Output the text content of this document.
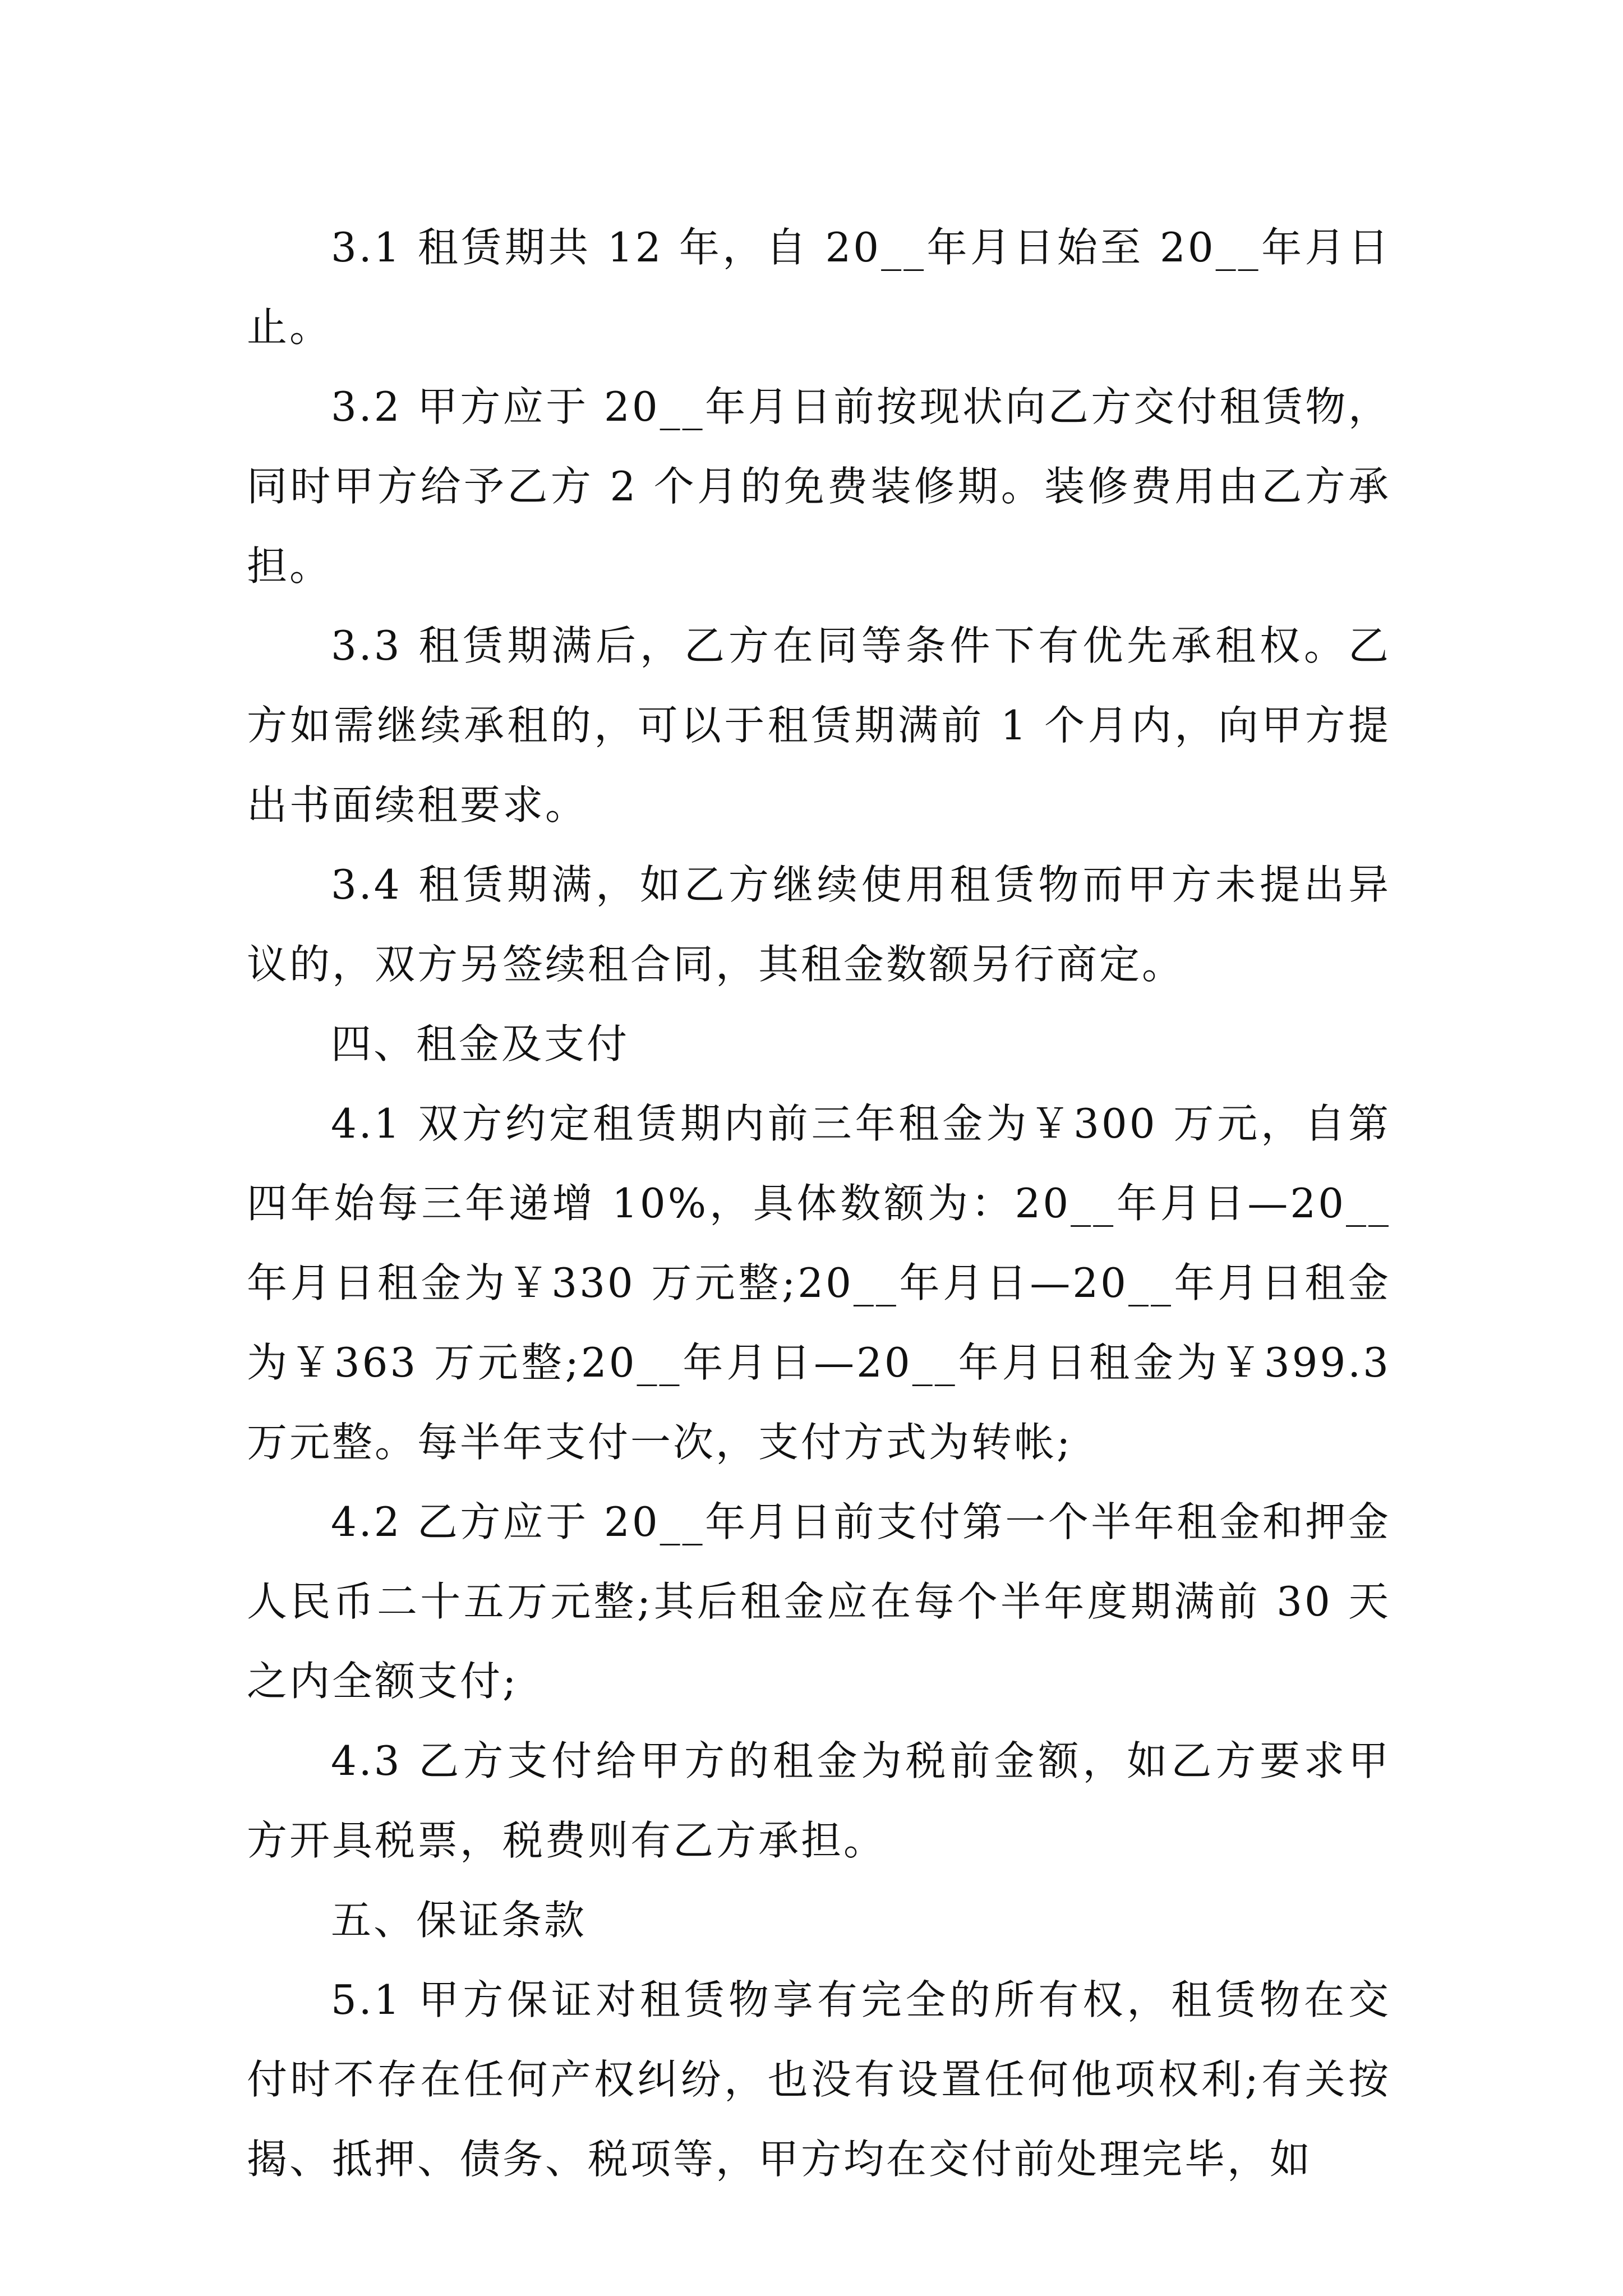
3.1 租赁期共 12 年，自 20__年月日始至 20__年月日止。

3.2 甲方应于 20__年月日前按现状向乙方交付租赁物，同时甲方给予乙方 2 个月的免费装修期。装修费用由乙方承担。

3.3 租赁期满后，乙方在同等条件下有优先承租权。乙方如需继续承租的，可以于租赁期满前 1 个月内，向甲方提出书面续租要求。

3.4 租赁期满，如乙方继续使用租赁物而甲方未提出异议的，双方另签续租合同，其租金数额另行商定。

四、租金及支付

4.1 双方约定租赁期内前三年租金为￥300 万元，自第四年始每三年递增 10%，具体数额为：20__年月日—20__年月日租金为￥330 万元整;20__年月日—20__年月日租金为￥363 万元整;20__年月日—20__年月日租金为￥399.3 万元整。每半年支付一次，支付方式为转帐;

4.2 乙方应于 20__年月日前支付第一个半年租金和押金人民币二十五万元整;其后租金应在每个半年度期满前 30 天之内全额支付;

4.3 乙方支付给甲方的租金为税前金额，如乙方要求甲方开具税票，税费则有乙方承担。

五、保证条款

5.1 甲方保证对租赁物享有完全的所有权，租赁物在交付时不存在任何产权纠纷，也没有设置任何他项权利;有关按揭、抵押、债务、税项等，甲方均在交付前处理完毕，如
